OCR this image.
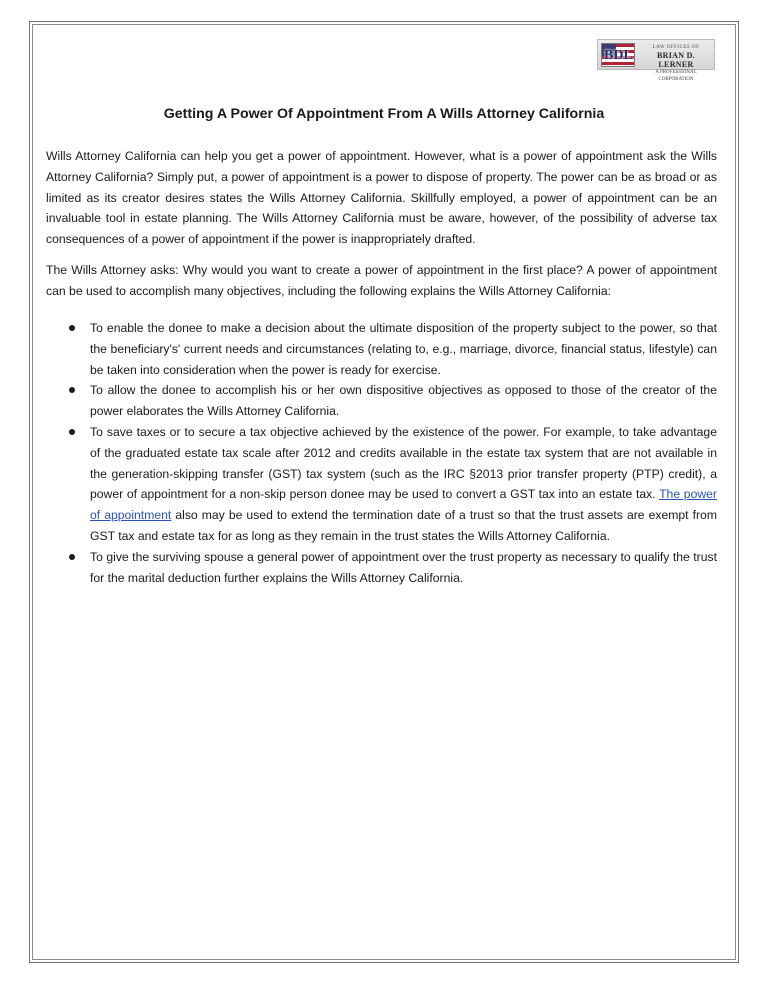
BDL
LAW OFFICES OF
BRIAN D. LERNER
A PROFESSIONAL CORPORATION
Getting A Power Of Appointment From A Wills Attorney California

Wills Attorney California can help you get a power of appointment. However, what is a power of appointment ask the Wills Attorney California? Simply put, a power of appointment is a power to dispose of property. The power can be as broad or as limited as its creator desires states the Wills Attorney California. Skillfully employed, a power of appointment can be an invaluable tool in estate planning. The Wills Attorney California must be aware, however, of the possibility of adverse tax consequences of a power of appointment if the power is inappropriately drafted.

The Wills Attorney asks: Why would you want to create a power of appointment in the first place? A power of appointment can be used to accomplish many objectives, including the following explains the Wills Attorney California:

To enable the donee to make a decision about the ultimate disposition of the property subject to the power, so that the beneficiary's' current needs and circumstances (relating to, e.g., marriage, divorce, financial status, lifestyle) can be taken into consideration when the power is ready for exercise.
To allow the donee to accomplish his or her own dispositive objectives as opposed to those of the creator of the power elaborates the Wills Attorney California.
To save taxes or to secure a tax objective achieved by the existence of the power. For example, to take advantage of the graduated estate tax scale after 2012 and credits available in the estate tax system that are not available in the generation-skipping transfer (GST) tax system (such as the IRC §2013 prior transfer property (PTP) credit), a power of appointment for a non-skip person donee may be used to convert a GST tax into an estate tax. The power of appointment also may be used to extend the termination date of a trust so that the trust assets are exempt from GST tax and estate tax for as long as they remain in the trust states the Wills Attorney California.
To give the surviving spouse a general power of appointment over the trust property as necessary to qualify the trust for the marital deduction further explains the Wills Attorney California.
